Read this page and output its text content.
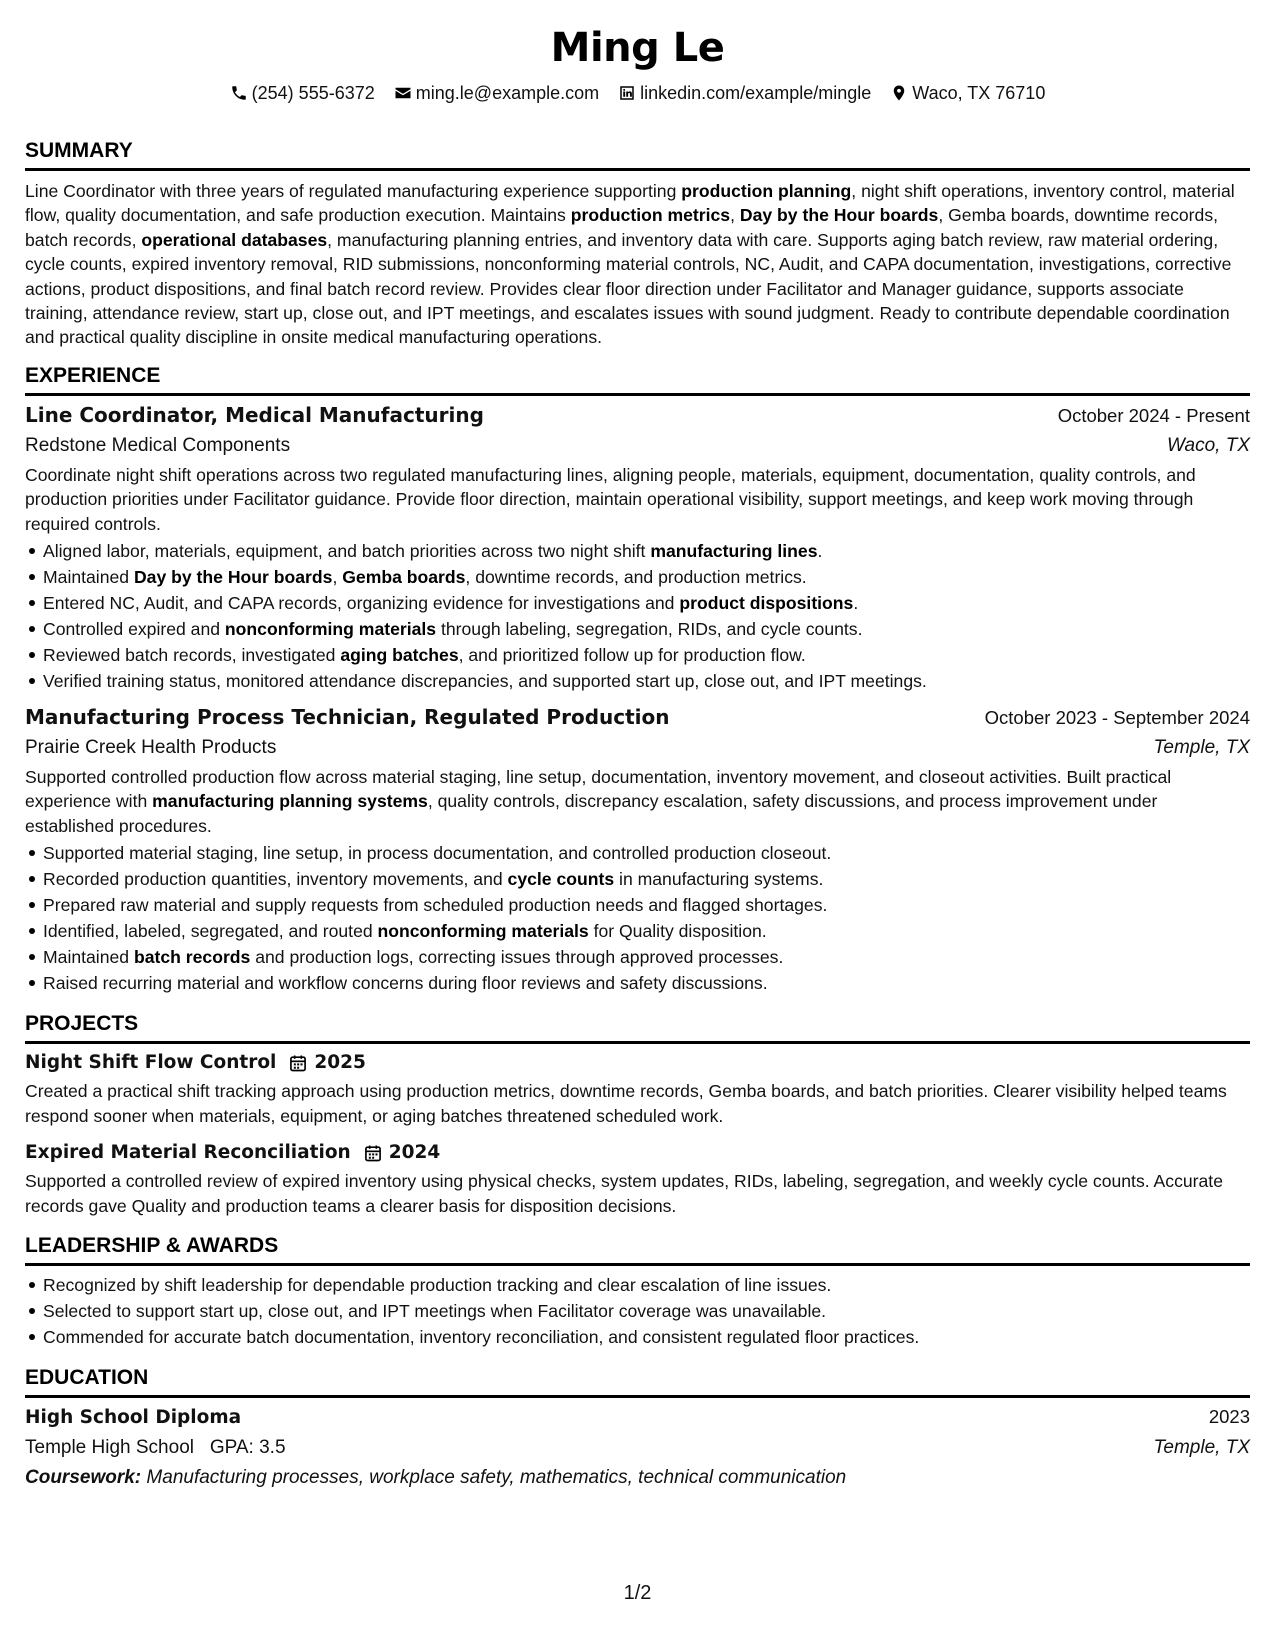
Ming Le
(254) 555-6372
ming.le@example.com
linkedin.com/example/mingle
Waco, TX 76710
SUMMARY

Line Coordinator with three years of regulated manufacturing experience supporting production planning, night shift operations, inventory control, material flow, quality documentation, and safe production execution. Maintains production metrics, Day by the Hour boards, Gemba boards, downtime records, batch records, operational databases, manufacturing planning entries, and inventory data with care. Supports aging batch review, raw material ordering, cycle counts, expired inventory removal, RID submissions, nonconforming material controls, NC, Audit, and CAPA documentation, investigations, corrective actions, product dispositions, and final batch record review. Provides clear floor direction under Facilitator and Manager guidance, supports associate training, attendance review, start up, close out, and IPT meetings, and escalates issues with sound judgment. Ready to contribute dependable coordination and practical quality discipline in onsite medical manufacturing operations.

EXPERIENCE
Line Coordinator, Medical Manufacturing	October 2024 - Present
Redstone Medical Components	Waco, TX

Coordinate night shift operations across two regulated manufacturing lines, aligning people, materials, equipment, documentation, quality controls, and production priorities under Facilitator guidance. Provide floor direction, maintain operational visibility, support meetings, and keep work moving through required controls.

Aligned labor, materials, equipment, and batch priorities across two night shift manufacturing lines.
Maintained Day by the Hour boards, Gemba boards, downtime records, and production metrics.
Entered NC, Audit, and CAPA records, organizing evidence for investigations and product dispositions.
Controlled expired and nonconforming materials through labeling, segregation, RIDs, and cycle counts.
Reviewed batch records, investigated aging batches, and prioritized follow up for production flow.
Verified training status, monitored attendance discrepancies, and supported start up, close out, and IPT meetings.
Manufacturing Process Technician, Regulated Production	October 2023 - September 2024
Prairie Creek Health Products	Temple, TX

Supported controlled production flow across material staging, line setup, documentation, inventory movement, and closeout activities. Built practical experience with manufacturing planning systems, quality controls, discrepancy escalation, safety discussions, and process improvement under established procedures.

Supported material staging, line setup, in process documentation, and controlled production closeout.
Recorded production quantities, inventory movements, and cycle counts in manufacturing systems.
Prepared raw material and supply requests from scheduled production needs and flagged shortages.
Identified, labeled, segregated, and routed nonconforming materials for Quality disposition.
Maintained batch records and production logs, correcting issues through approved processes.
Raised recurring material and workflow concerns during floor reviews and safety discussions.
PROJECTS
Night Shift Flow Control 2025

Created a practical shift tracking approach using production metrics, downtime records, Gemba boards, and batch priorities. Clearer visibility helped teams respond sooner when materials, equipment, or aging batches threatened scheduled work.

Expired Material Reconciliation 2024

Supported a controlled review of expired inventory using physical checks, system updates, RIDs, labeling, segregation, and weekly cycle counts. Accurate records gave Quality and production teams a clearer basis for disposition decisions.

LEADERSHIP & AWARDS
Recognized by shift leadership for dependable production tracking and clear escalation of line issues.
Selected to support start up, close out, and IPT meetings when Facilitator coverage was unavailable.
Commended for accurate batch documentation, inventory reconciliation, and consistent regulated floor practices.
EDUCATION
High School Diploma	2023
Temple High School GPA: 3.5	Temple, TX
Coursework: Manufacturing processes, workplace safety, mathematics, technical communication
1/2
